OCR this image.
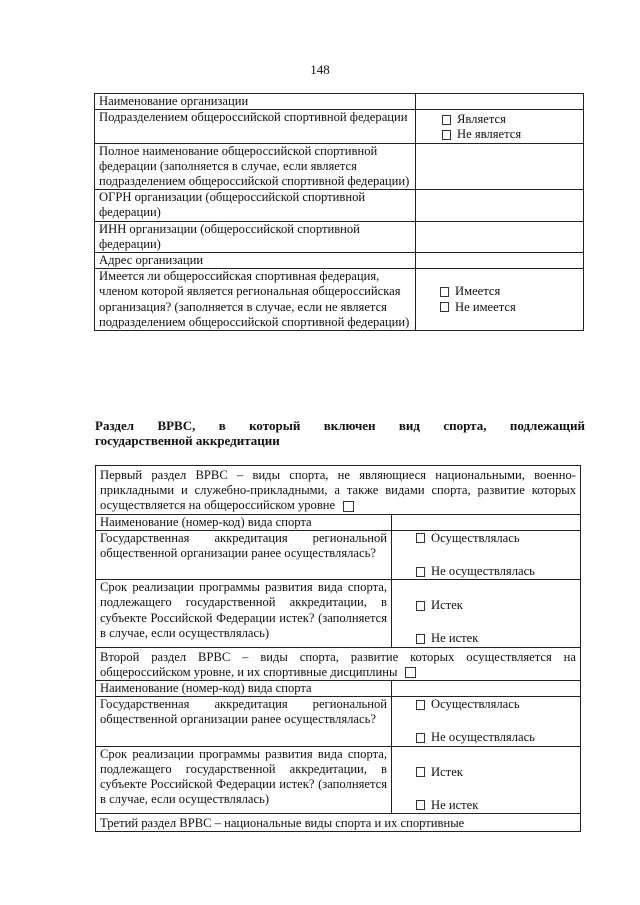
148
Наименование организации	
Подразделением общероссийской спортивной федерации	Является
Не является

Полное наименование общероссийской спортивной федерации (заполняется в случае, если является подразделением общероссийской спортивной федерации)	
ОГРН организации (общероссийской спортивной федерации)	
ИНН организации (общероссийской спортивной федерации)	
Адрес организации	
Имеется ли общероссийская спортивная федерация, членом которой является региональная общероссийская организация? (заполняется в случае, если не является подразделением общероссийской спортивной федерации)	Имеется
Не имеется
Раздел ВРВС, в который включен вид спорта, подлежащий
государственной аккредитации
Первый раздел ВРВС – виды спорта, не являющиеся национальными, военно-прикладными и служебно-прикладными, а также видами спорта, развитие которых осуществляется на общероссийском уровне	
Наименование (номер-код) вида спорта	
Государственная аккредитация региональной общественной организации ранее осуществлялась?	Осуществлялась
Не осуществлялась

Срок реализации программы развития вида спорта, подлежащего государственной аккредитации, в субъекте Российской Федерации истек? (заполняется в случае, если осуществлялась)	Истек
Не истек

Второй раздел ВРВС – виды спорта, развитие которых осуществляется на общероссийском уровне, и их спортивные дисциплины	
Наименование (номер-код) вида спорта	
Государственная аккредитация региональной общественной организации ранее осуществлялась?	Осуществлялась
Не осуществлялась

Срок реализации программы развития вида спорта, подлежащего государственной аккредитации, в субъекте Российской Федерации истек? (заполняется в случае, если осуществлялась)	Истек
Не истек

Третий раздел ВРВС – национальные виды спорта и их спортивные	
